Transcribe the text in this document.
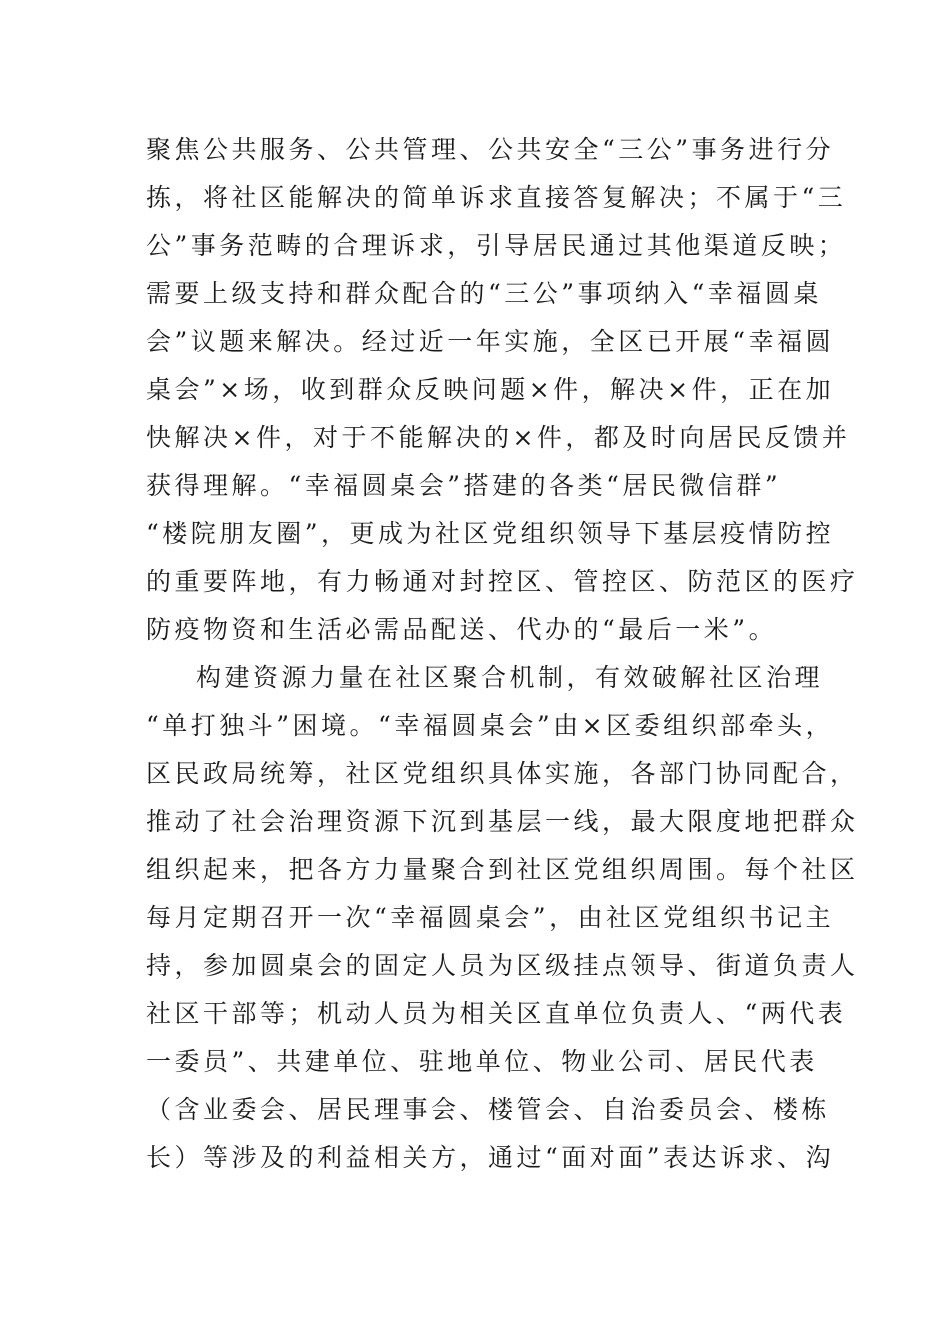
聚焦公共服务、公共管理、公共安全“三公”事务进行分
拣，将社区能解决的简单诉求直接答复解决；不属于“三
公”事务范畴的合理诉求，引导居民通过其他渠道反映；
需要上级支持和群众配合的“三公”事项纳入“幸福圆桌
会”议题来解决。经过近一年实施，全区已开展“幸福圆
桌会”×场，收到群众反映问题×件，解决×件，正在加
快解决×件，对于不能解决的×件，都及时向居民反馈并
获得理解。“幸福圆桌会”搭建的各类“居民微信群”
“楼院朋友圈”，更成为社区党组织领导下基层疫情防控
的重要阵地，有力畅通对封控区、管控区、防范区的医疗
防疫物资和生活必需品配送、代办的“最后一米”。
构建资源力量在社区聚合机制，有效破解社区治理
“单打独斗”困境。“幸福圆桌会”由×区委组织部牵头，
区民政局统筹，社区党组织具体实施，各部门协同配合，
推动了社会治理资源下沉到基层一线，最大限度地把群众
组织起来，把各方力量聚合到社区党组织周围。每个社区
每月定期召开一次“幸福圆桌会”，由社区党组织书记主
持，参加圆桌会的固定人员为区级挂点领导、街道负责人
社区干部等；机动人员为相关区直单位负责人、“两代表
一委员”、共建单位、驻地单位、物业公司、居民代表
（含业委会、居民理事会、楼管会、自治委员会、楼栋
长）等涉及的利益相关方，通过“面对面”表达诉求、沟
